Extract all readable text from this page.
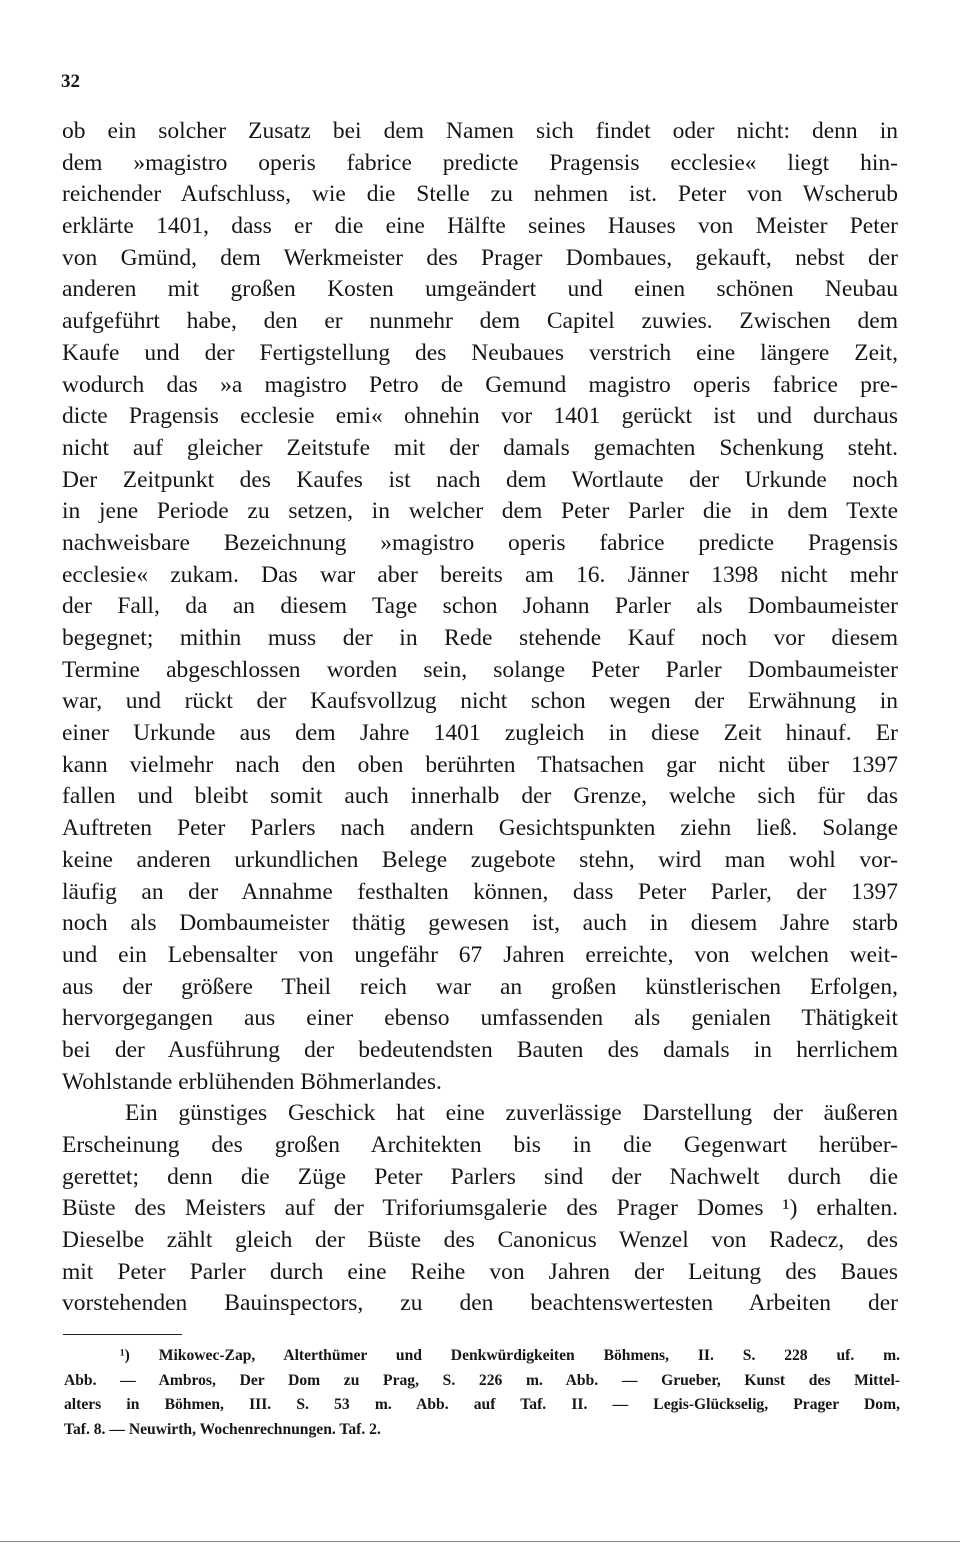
32
ob ein solcher Zusatz bei dem Namen sich findet oder nicht: denn in
dem »magistro operis fabrice predicte Pragensis ecclesie« liegt hin-
reichender Aufschluss, wie die Stelle zu nehmen ist. Peter von Wscherub
erklärte 1401, dass er die eine Hälfte seines Hauses von Meister Peter
von Gmünd, dem Werkmeister des Prager Dombaues, gekauft, nebst der
anderen mit großen Kosten umgeändert und einen schönen Neubau
aufgeführt habe, den er nunmehr dem Capitel zuwies. Zwischen dem
Kaufe und der Fertigstellung des Neubaues verstrich eine längere Zeit,
wodurch das »a magistro Petro de Gemund magistro operis fabrice pre-
dicte Pragensis ecclesie emi« ohnehin vor 1401 gerückt ist und durchaus
nicht auf gleicher Zeitstufe mit der damals gemachten Schenkung steht.
Der Zeitpunkt des Kaufes ist nach dem Wortlaute der Urkunde noch
in jene Periode zu setzen, in welcher dem Peter Parler die in dem Texte
nachweisbare Bezeichnung »magistro operis fabrice predicte Pragensis
ecclesie« zukam. Das war aber bereits am 16. Jänner 1398 nicht mehr
der Fall, da an diesem Tage schon Johann Parler als Dombaumeister
begegnet; mithin muss der in Rede stehende Kauf noch vor diesem
Termine abgeschlossen worden sein, solange Peter Parler Dombaumeister
war, und rückt der Kaufsvollzug nicht schon wegen der Erwähnung in
einer Urkunde aus dem Jahre 1401 zugleich in diese Zeit hinauf. Er
kann vielmehr nach den oben berührten Thatsachen gar nicht über 1397
fallen und bleibt somit auch innerhalb der Grenze, welche sich für das
Auftreten Peter Parlers nach andern Gesichtspunkten ziehn ließ. Solange
keine anderen urkundlichen Belege zugebote stehn, wird man wohl vor-
läufig an der Annahme festhalten können, dass Peter Parler, der 1397
noch als Dombaumeister thätig gewesen ist, auch in diesem Jahre starb
und ein Lebensalter von ungefähr 67 Jahren erreichte, von welchen weit-
aus der größere Theil reich war an großen künstlerischen Erfolgen,
hervorgegangen aus einer ebenso umfassenden als genialen Thätigkeit
bei der Ausführung der bedeutendsten Bauten des damals in herrlichem
Wohlstande erblühenden Böhmerlandes.
Ein günstiges Geschick hat eine zuverlässige Darstellung der äußeren
Erscheinung des großen Architekten bis in die Gegenwart herüber-
gerettet; denn die Züge Peter Parlers sind der Nachwelt durch die
Büste des Meisters auf der Triforiumsgalerie des Prager Domes ¹) erhalten.
Dieselbe zählt gleich der Büste des Canonicus Wenzel von Radecz, des
mit Peter Parler durch eine Reihe von Jahren der Leitung des Baues
vorstehenden Bauinspectors, zu den beachtenswertesten Arbeiten der
¹) Mikowec-Zap, Alterthümer und Denkwürdigkeiten Böhmens, II. S. 228 uf. m.
Abb. — Ambros, Der Dom zu Prag, S. 226 m. Abb. — Grueber, Kunst des Mittel-
alters in Böhmen, III. S. 53 m. Abb. auf Taf. II. — Legis-Glückselig, Prager Dom,
Taf. 8. — Neuwirth, Wochenrechnungen. Taf. 2.
